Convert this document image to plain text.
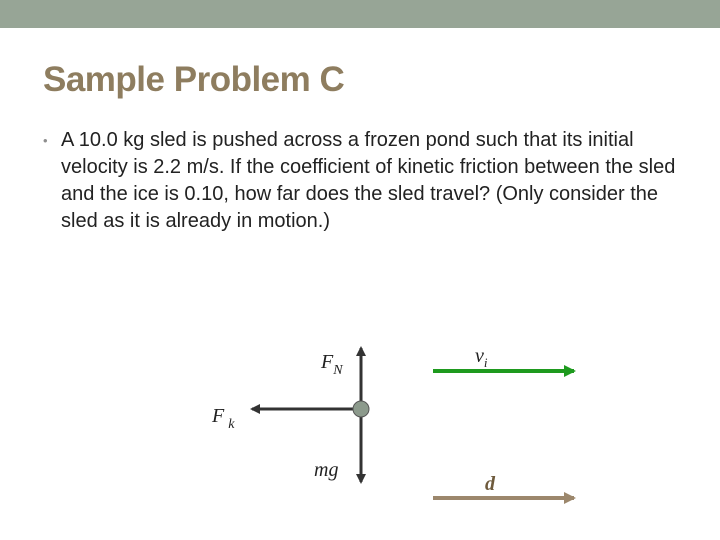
Sample Problem C
• A 10.0 kg sled is pushed across a frozen pond such that its initial velocity is 2.2 m/s. If the coefficient of kinetic friction between the sled and the ice is 0.10, how far does the sled travel? (Only consider the sled as it is already in motion.)
$F_N$
F $_k$
mg
$v_i$
d
